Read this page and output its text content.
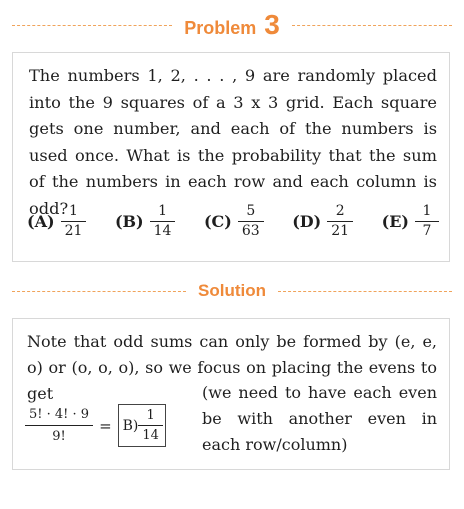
Problem 3

The numbers 1, 2, . . . , 9 are randomly placed into the 9 squares of a 3 x 3 grid. Each square gets one number, and each of the numbers is used once. What is the probability that the sum of the numbers in each row and each column is odd?

$(A) \frac{1}{21} (B) \frac{1}{14} (C) \frac{5}{63} (D) \frac{2}{21} (E) \frac{1}{7}$
Solution

Note that odd sums can only be formed by (e, e, o) or (o, o, o), so we focus on placing the evens to get

$\frac{5! \cdot 4! \cdot 9}{9!} = B) \frac{1}{14}$
(we need to have each even be with another even in each row/column)
